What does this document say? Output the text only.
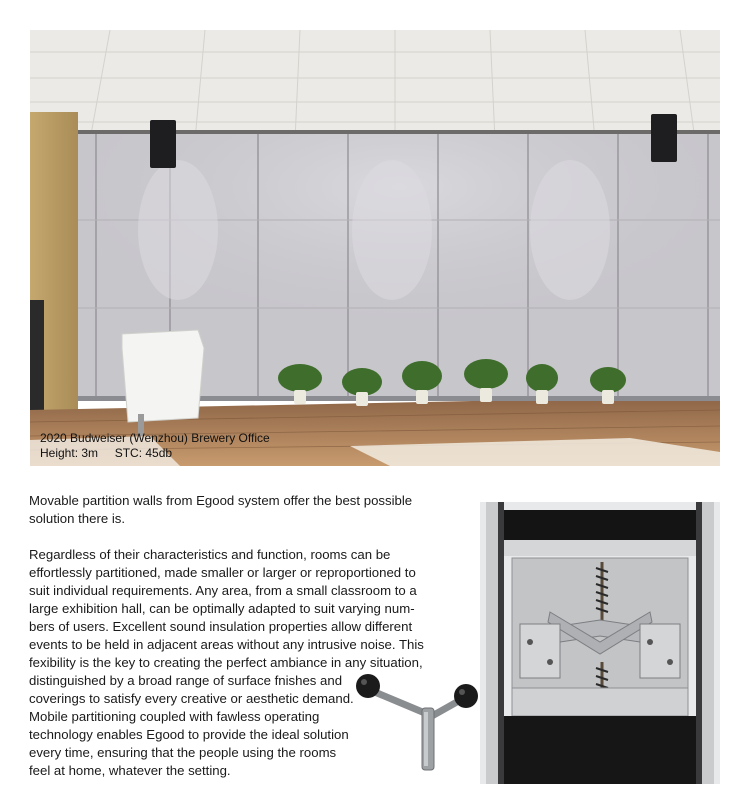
2020 Budweiser (Wenzhou) Brewery Office
Height: 3m     STC: 45db

Movable partition walls from Egood system offer the best possible
solution there is.

Regardless of their characteristics and function, rooms can be
effortlessly partitioned, made smaller or larger or reproportioned to
suit individual requirements. Any area, from a small classroom to a
large exhibition hall, can be optimally adapted to suit varying num-
bers of users. Excellent sound insulation properties allow different
events to be held in adjacent areas without any intrusive noise. This
fexibility is the key to creating the perfect ambiance in any situation,
distinguished by a broad range of surface fnishes and
coverings to satisfy every creative or aesthetic demand.
Mobile partitioning coupled with fawless operating
technology enables Egood to provide the ideal solution
every time, ensuring that the people using the rooms
feel at home, whatever the setting.
